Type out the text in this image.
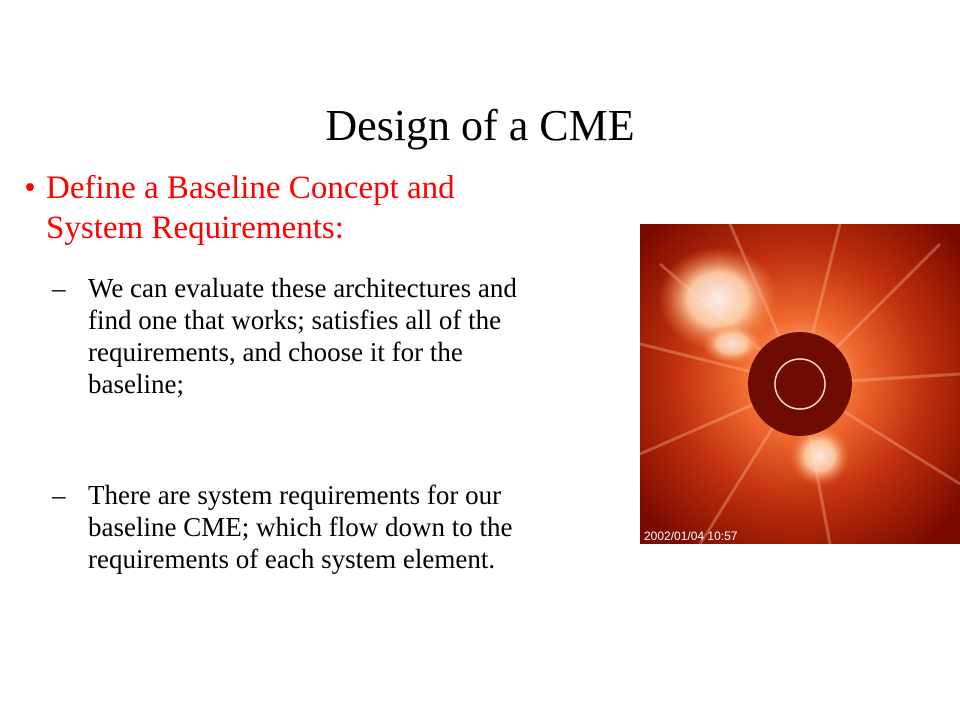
Design of a CME
• Define a Baseline Concept and System Requirements:
– We can evaluate these architectures and find one that works; satisfies all of the requirements, and choose it for the baseline;
– There are system requirements for our baseline CME; which flow down to the requirements of each system element.
2002/01/04 10:57
